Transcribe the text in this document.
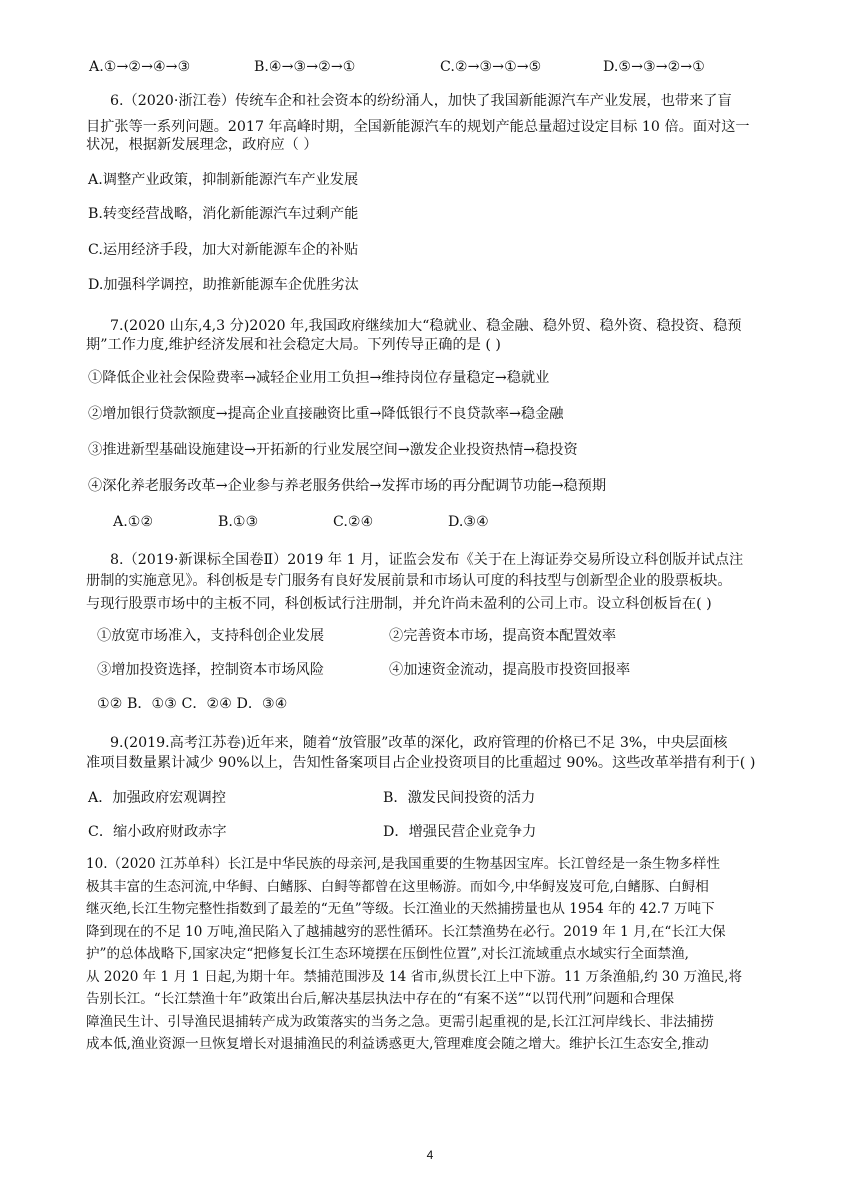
A.①→②→④→③	B.④→③→②→①	C.②→③→①→⑤	D.⑤→③→②→①
6.（2020·浙江卷）传统车企和社会资本的纷纷涌人，加快了我国新能源汽车产业发展，也带来了盲
目扩张等一系列问题。2017 年高峰时期，全国新能源汽车的规划产能总量超过设定目标 10 倍。面对这一
状况，根据新发展理念，政府应（ ）
A.调整产业政策，抑制新能源汽车产业发展
B.转变经营战略，消化新能源汽车过剩产能
C.运用经济手段，加大对新能源车企的补贴
D.加强科学调控，助推新能源车企优胜劣汰
7.(2020 山东,4,3 分)2020 年,我国政府继续加大“稳就业、稳金融、稳外贸、稳外资、稳投资、稳预
期”工作力度,维护经济发展和社会稳定大局。下列传导正确的是 ( )
①降低企业社会保险费率→减轻企业用工负担→维持岗位存量稳定→稳就业
②增加银行贷款额度→提高企业直接融资比重→降低银行不良贷款率→稳金融
③推进新型基础设施建设→开拓新的行业发展空间→激发企业投资热情→稳投资
④深化养老服务改革→企业参与养老服务供给→发挥市场的再分配调节功能→稳预期
A.①②	B.①③	C.②④	D.③④
8.（2019·新课标全国卷Ⅱ）2019 年 1 月，证监会发布《关于在上海证券交易所设立科创版并试点注
册制的实施意见》。科创板是专门服务有良好发展前景和市场认可度的科技型与创新型企业的股票板块。
与现行股票市场中的主板不同，科创板试行注册制，并允许尚未盈利的公司上市。设立科创板旨在( )
①放宽市场准入，支持科创企业发展	②完善资本市场，提高资本配置效率
③增加投资选择，控制资本市场风险	④加速资金流动，提高股市投资回报率
①② B．①③ C．②④ D．③④
9.(2019.高考江苏卷)近年来，随着“放管服”改革的深化，政府管理的价格已不足 3%，中央层面核
准项目数量累计减少 90%以上，告知性备案项目占企业投资项目的比重超过 90%。这些改革举措有利于( )
A．加强政府宏观调控	B．激发民间投资的活力
C．缩小政府财政赤字	D．增强民营企业竞争力
10.（2020 江苏单科）长江是中华民族的母亲河,是我国重要的生物基因宝库。长江曾经是一条生物多样性 极其丰富的生态河流,中华鲟、白鳍豚、白鲟等都曾在这里畅游。而如今,中华鲟岌岌可危,白鳍豚、白鲟相 继灭绝,长江生物完整性指数到了最差的“无鱼”等级。长江渔业的天然捕捞量也从 1954 年的 42.7 万吨下 降到现在的不足 10 万吨,渔民陷入了越捕越穷的恶性循环。长江禁渔势在必行。2019 年 1 月,在“长江大保 护”的总体战略下,国家决定“把修复长江生态环境摆在压倒性位置”,对长江流域重点水域实行全面禁渔, 从 2020 年 1 月 1 日起,为期十年。禁捕范围涉及 14 省市,纵贯长江上中下游。11 万条渔船,约 30 万渔民,将 告别长江。“长江禁渔十年”政策出台后,解决基层执法中存在的“有案不送”“以罚代刑”问题和合理保 障渔民生计、引导渔民退捕转产成为政策落实的当务之急。更需引起重视的是,长江江河岸线长、非法捕捞 成本低,渔业资源一旦恢复增长对退捕渔民的利益诱惑更大,管理难度会随之增大。维护长江生态安全,推动
4
